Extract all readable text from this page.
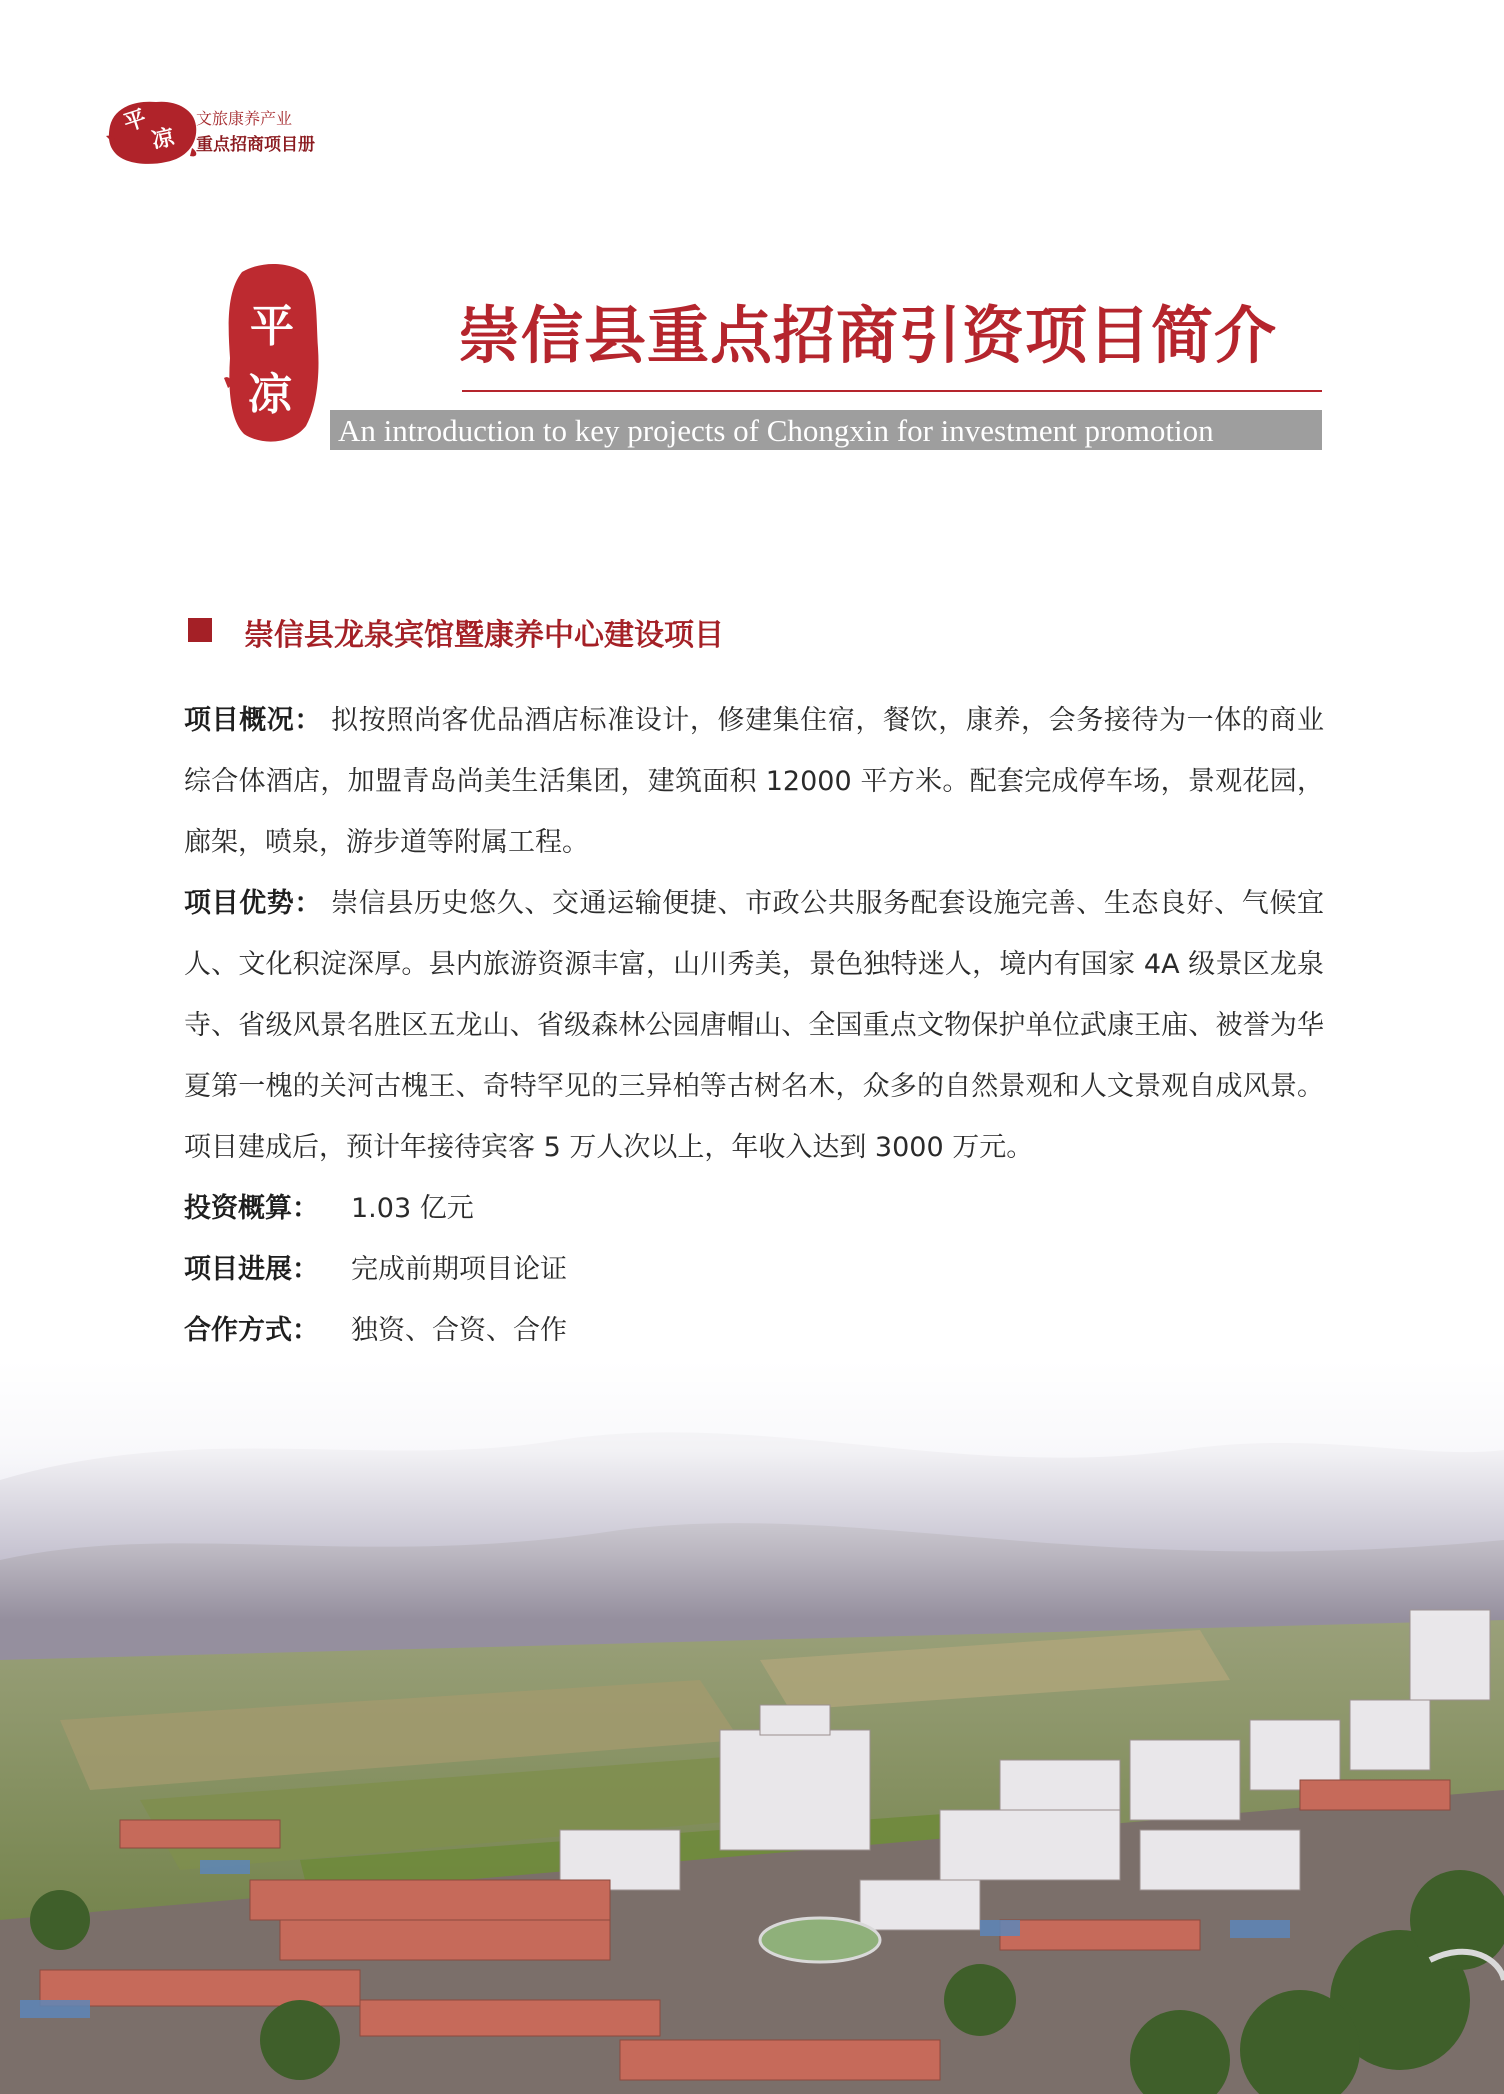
平
凉
文旅康养产业
重点招商项目册
平
凉
崇信县重点招商引资项目简介
An introduction to key projects of Chongxin for investment promotion
崇信县龙泉宾馆暨康养中心建设项目

项目概况： 拟按照尚客优品酒店标准设计，修建集住宿，餐饮，康养，会务接待为一体的商业综合体酒店，加盟青岛尚美生活集团，建筑面积 12000 平方米。配套完成停车场，景观花园，廊架，喷泉，游步道等附属工程。

项目优势： 崇信县历史悠久、交通运输便捷、市政公共服务配套设施完善、生态良好、气候宜人、文化积淀深厚。县内旅游资源丰富，山川秀美，景色独特迷人，境内有国家 4A 级景区龙泉寺、省级风景名胜区五龙山、省级森林公园唐帽山、全国重点文物保护单位武康王庙、被誉为华夏第一槐的关河古槐王、奇特罕见的三异柏等古树名木，众多的自然景观和人文景观自成风景。项目建成后，预计年接待宾客 5 万人次以上，年收入达到 3000 万元。

投资概算： 1.03 亿元
项目进展： 完成前期项目论证
合作方式： 独资、合资、合作
